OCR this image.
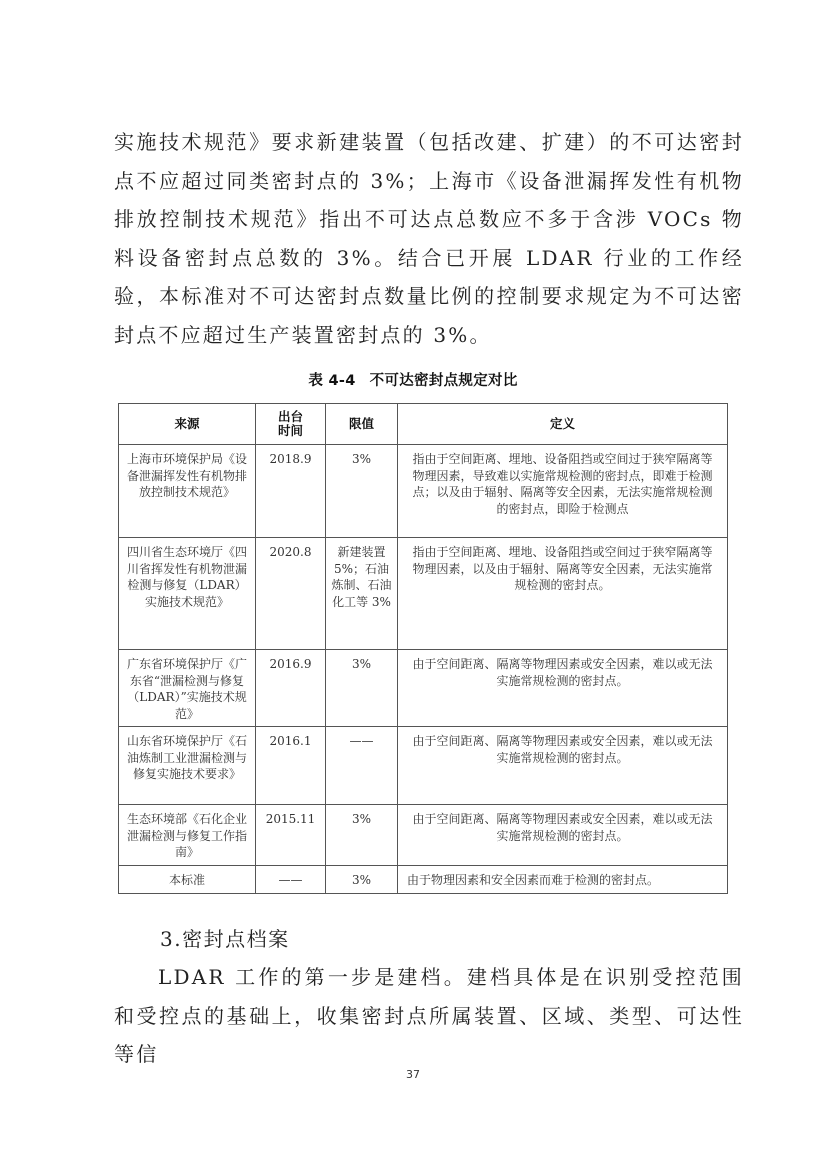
实施技术规范》要求新建装置（包括改建、扩建）的不可达密封点不应超过同类密封点的 3%；上海市《设备泄漏挥发性有机物排放控制技术规范》指出不可达点总数应不多于含涉 VOCs 物料设备密封点总数的 3%。结合已开展 LDAR 行业的工作经验，本标准对不可达密封点数量比例的控制要求规定为不可达密封点不应超过生产装置密封点的 3%。

表 4-4 不可达密封点规定对比
来源	出台时间	限值	定义
上海市环境保护局《设备泄漏挥发性有机物排放控制技术规范》	2018.9	3%	指由于空间距离、埋地、设备阻挡或空间过于狭窄隔离等物理因素，导致难以实施常规检测的密封点，即难于检测点；以及由于辐射、隔离等安全因素，无法实施常规检测的密封点，即险于检测点
四川省生态环境厅《四川省挥发性有机物泄漏检测与修复（LDAR）实施技术规范》	2020.8	新建装置 5%；石油炼制、石油化工等 3%	指由于空间距离、埋地、设备阻挡或空间过于狭窄隔离等物理因素，以及由于辐射、隔离等安全因素，无法实施常规检测的密封点。
广东省环境保护厅《广东省“泄漏检测与修复（LDAR）”实施技术规范》	2016.9	3%	由于空间距离、隔离等物理因素或安全因素，难以或无法实施常规检测的密封点。
山东省环境保护厅《石油炼制工业泄漏检测与修复实施技术要求》	2016.1	——	由于空间距离、隔离等物理因素或安全因素，难以或无法实施常规检测的密封点。
生态环境部《石化企业泄漏检测与修复工作指南》	2015.11	3%	由于空间距离、隔离等物理因素或安全因素，难以或无法实施常规检测的密封点。
本标准	——	3%	由于物理因素和安全因素而难于检测的密封点。
3.密封点档案

LDAR 工作的第一步是建档。建档具体是在识别受控范围和受控点的基础上，收集密封点所属装置、区域、类型、可达性等信

37
